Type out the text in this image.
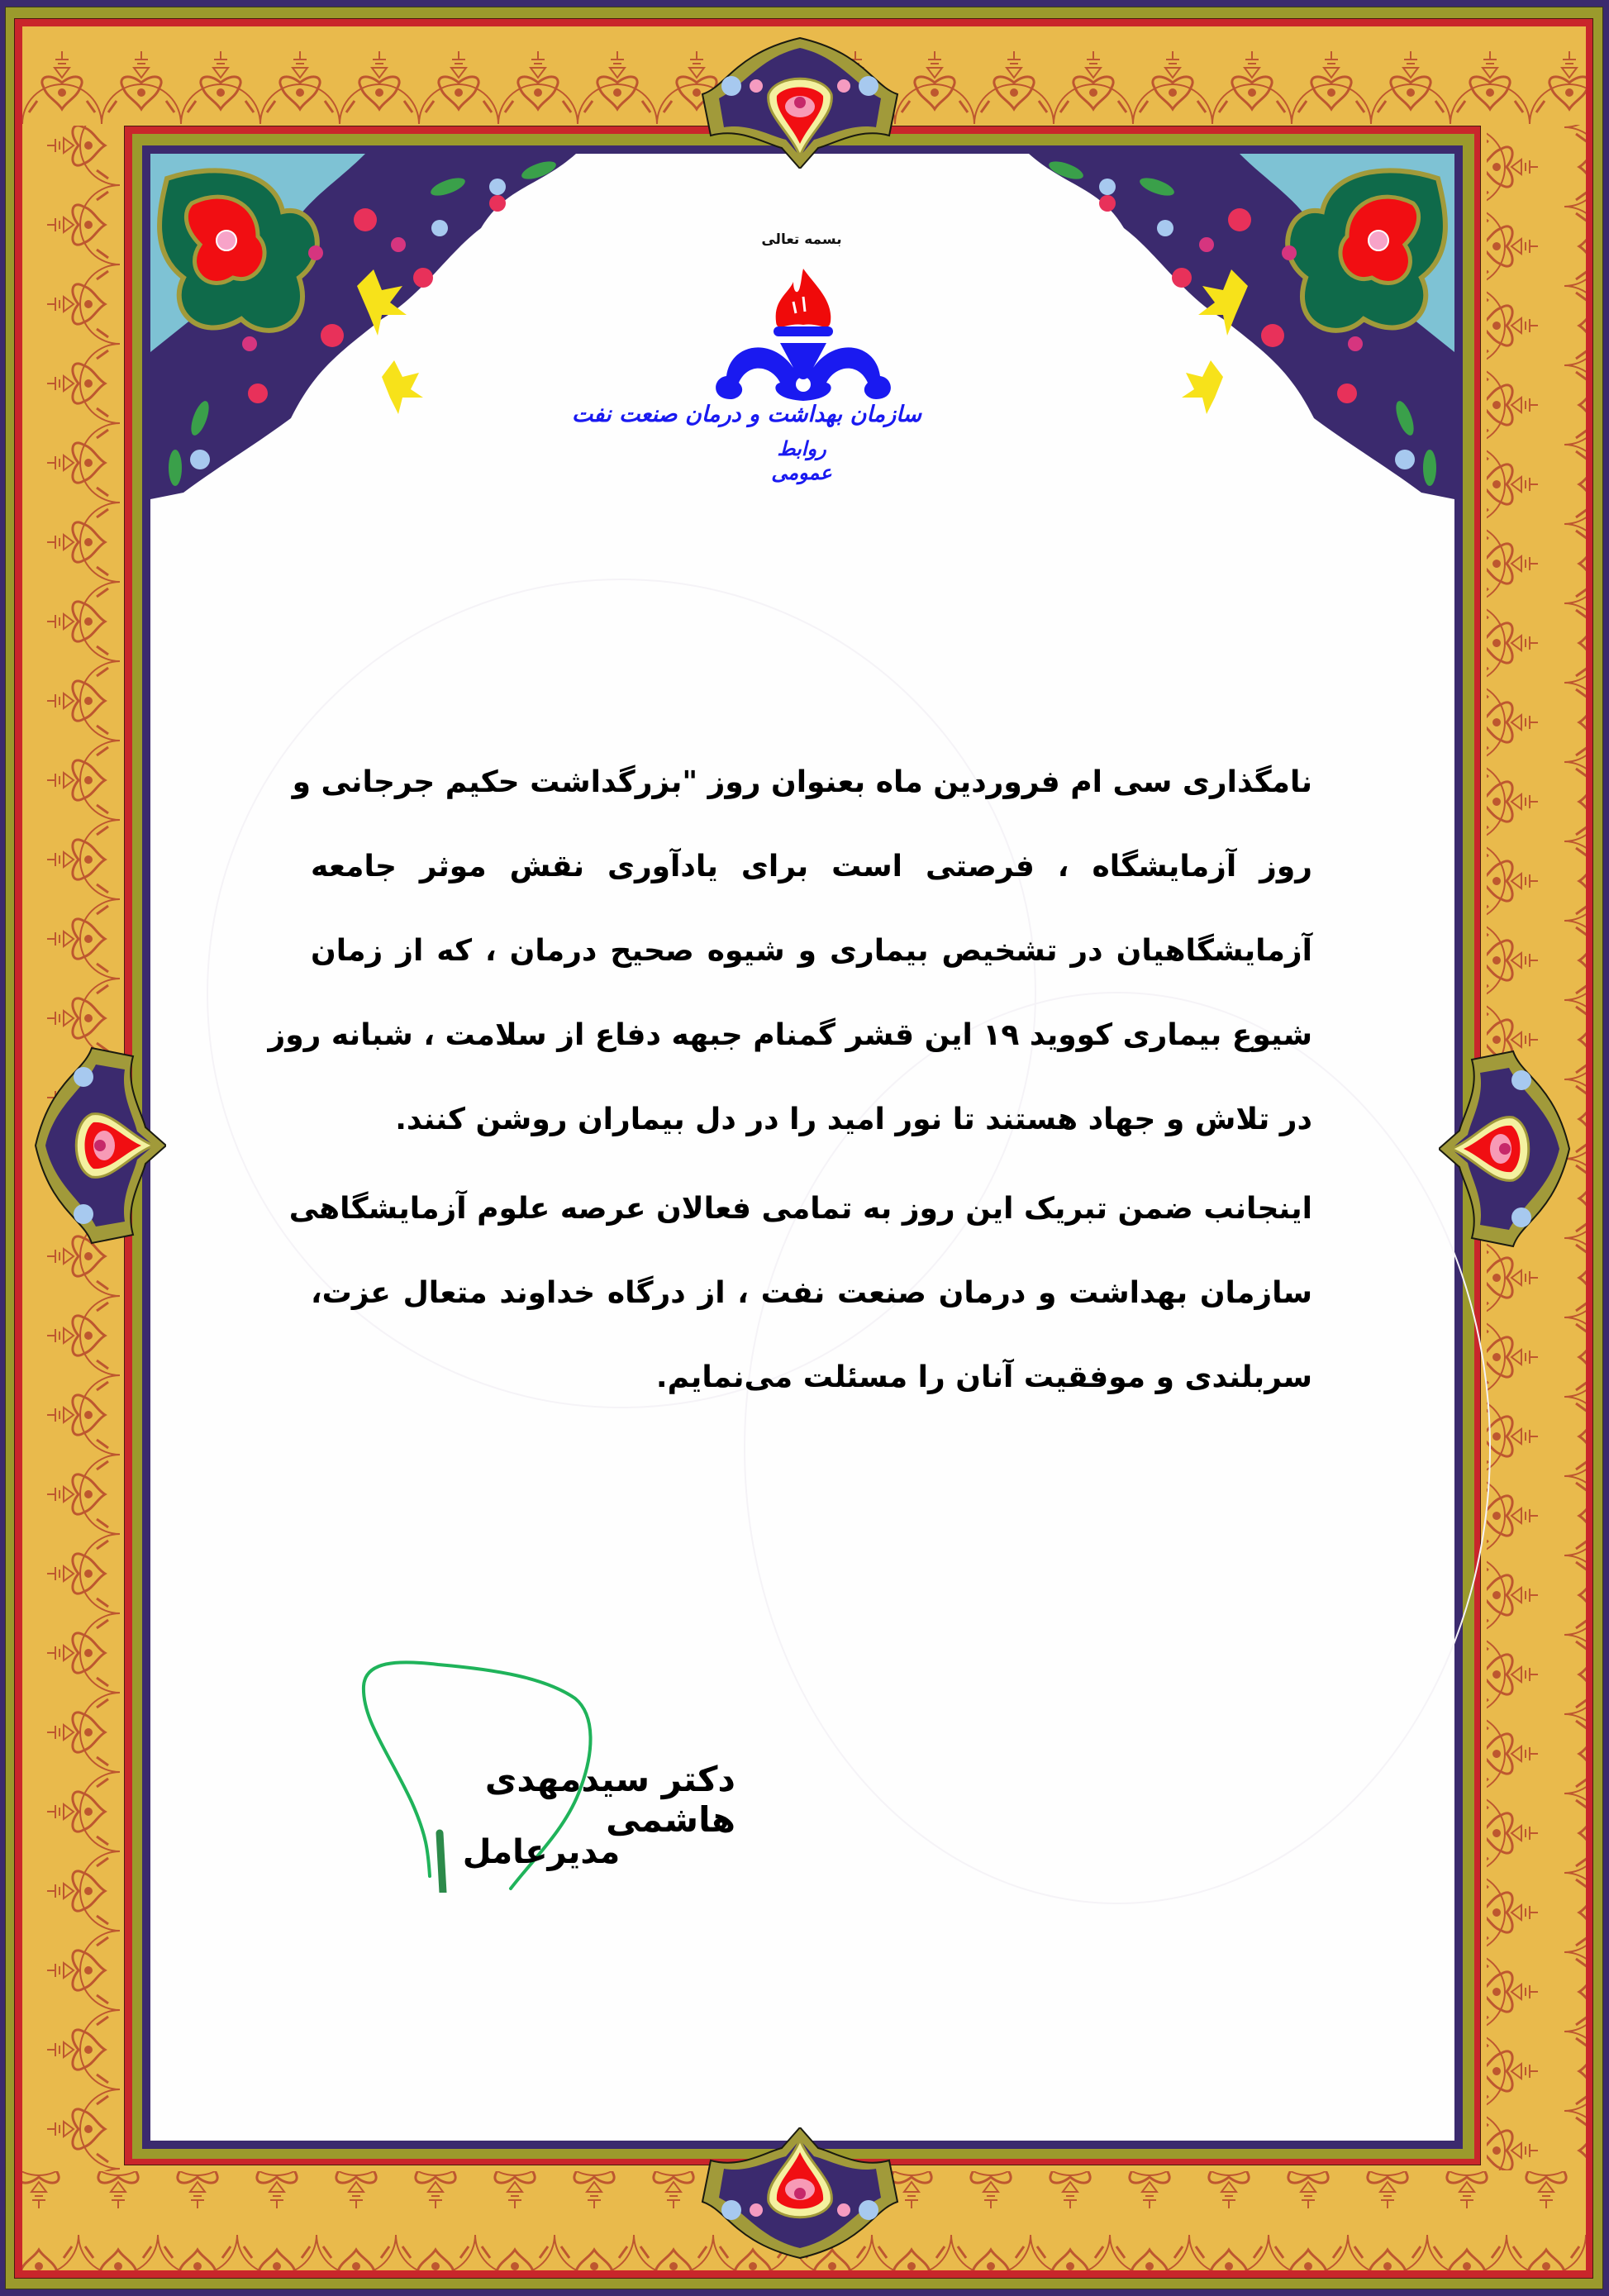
بسمه تعالی
سازمان بهداشت و درمان صنعت نفت
روابط عمومی
نامگذاری سی ام فروردین ماه بعنوان روز "بزرگداشت حکیم جرجانی و
روز آزمایشگاه ، فرصتی است برای یادآوری نقش موثر جامعه
آزمایشگاهیان در تشخیص بیماری و شیوه صحیح درمان ، که از زمان
شیوع بیماری کووید ۱۹ این قشر گمنام جبهه دفاع از سلامت ، شبانه روز
در تلاش و جهاد هستند تا نور امید را در دل بیماران روشن کنند.
اینجانب ضمن تبریک این روز به تمامی فعالان عرصه علوم آزمایشگاهی
سازمان بهداشت و درمان صنعت نفت ، از درگاه خداوند متعال عزت،
سربلندی و موفقیت آنان را مسئلت می‌نمایم.
دکتر سیدمهدی هاشمی
مدیرعامل
